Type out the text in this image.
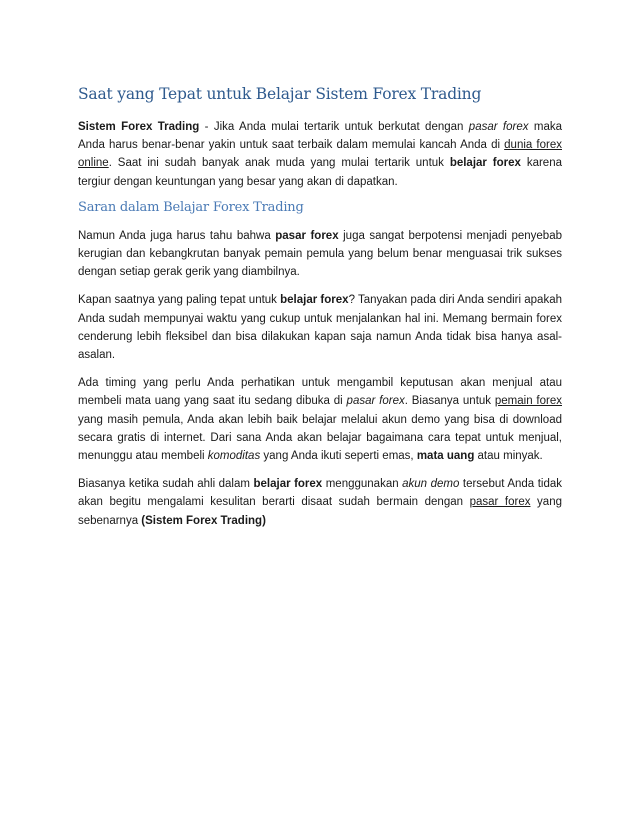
Saat yang Tepat untuk Belajar Sistem Forex Trading

Sistem Forex Trading - Jika Anda mulai tertarik untuk berkutat dengan pasar forex maka Anda harus benar-benar yakin untuk saat terbaik dalam memulai kancah Anda di dunia forex online. Saat ini sudah banyak anak muda yang mulai tertarik untuk belajar forex karena tergiur dengan keuntungan yang besar yang akan di dapatkan.

Saran dalam Belajar Forex Trading

Namun Anda juga harus tahu bahwa pasar forex juga sangat berpotensi menjadi penyebab kerugian dan kebangkrutan banyak pemain pemula yang belum benar menguasai trik sukses dengan setiap gerak gerik yang diambilnya.

Kapan saatnya yang paling tepat untuk belajar forex? Tanyakan pada diri Anda sendiri apakah Anda sudah mempunyai waktu yang cukup untuk menjalankan hal ini. Memang bermain forex cenderung lebih fleksibel dan bisa dilakukan kapan saja namun Anda tidak bisa hanya asal-asalan.

Ada timing yang perlu Anda perhatikan untuk mengambil keputusan akan menjual atau membeli mata uang yang saat itu sedang dibuka di pasar forex. Biasanya untuk pemain forex yang masih pemula, Anda akan lebih baik belajar melalui akun demo yang bisa di download secara gratis di internet. Dari sana Anda akan belajar bagaimana cara tepat untuk menjual, menunggu atau membeli komoditas yang Anda ikuti seperti emas, mata uang atau minyak.

Biasanya ketika sudah ahli dalam belajar forex menggunakan akun demo tersebut Anda tidak akan begitu mengalami kesulitan berarti disaat sudah bermain dengan pasar forex yang sebenarnya (Sistem Forex Trading)
